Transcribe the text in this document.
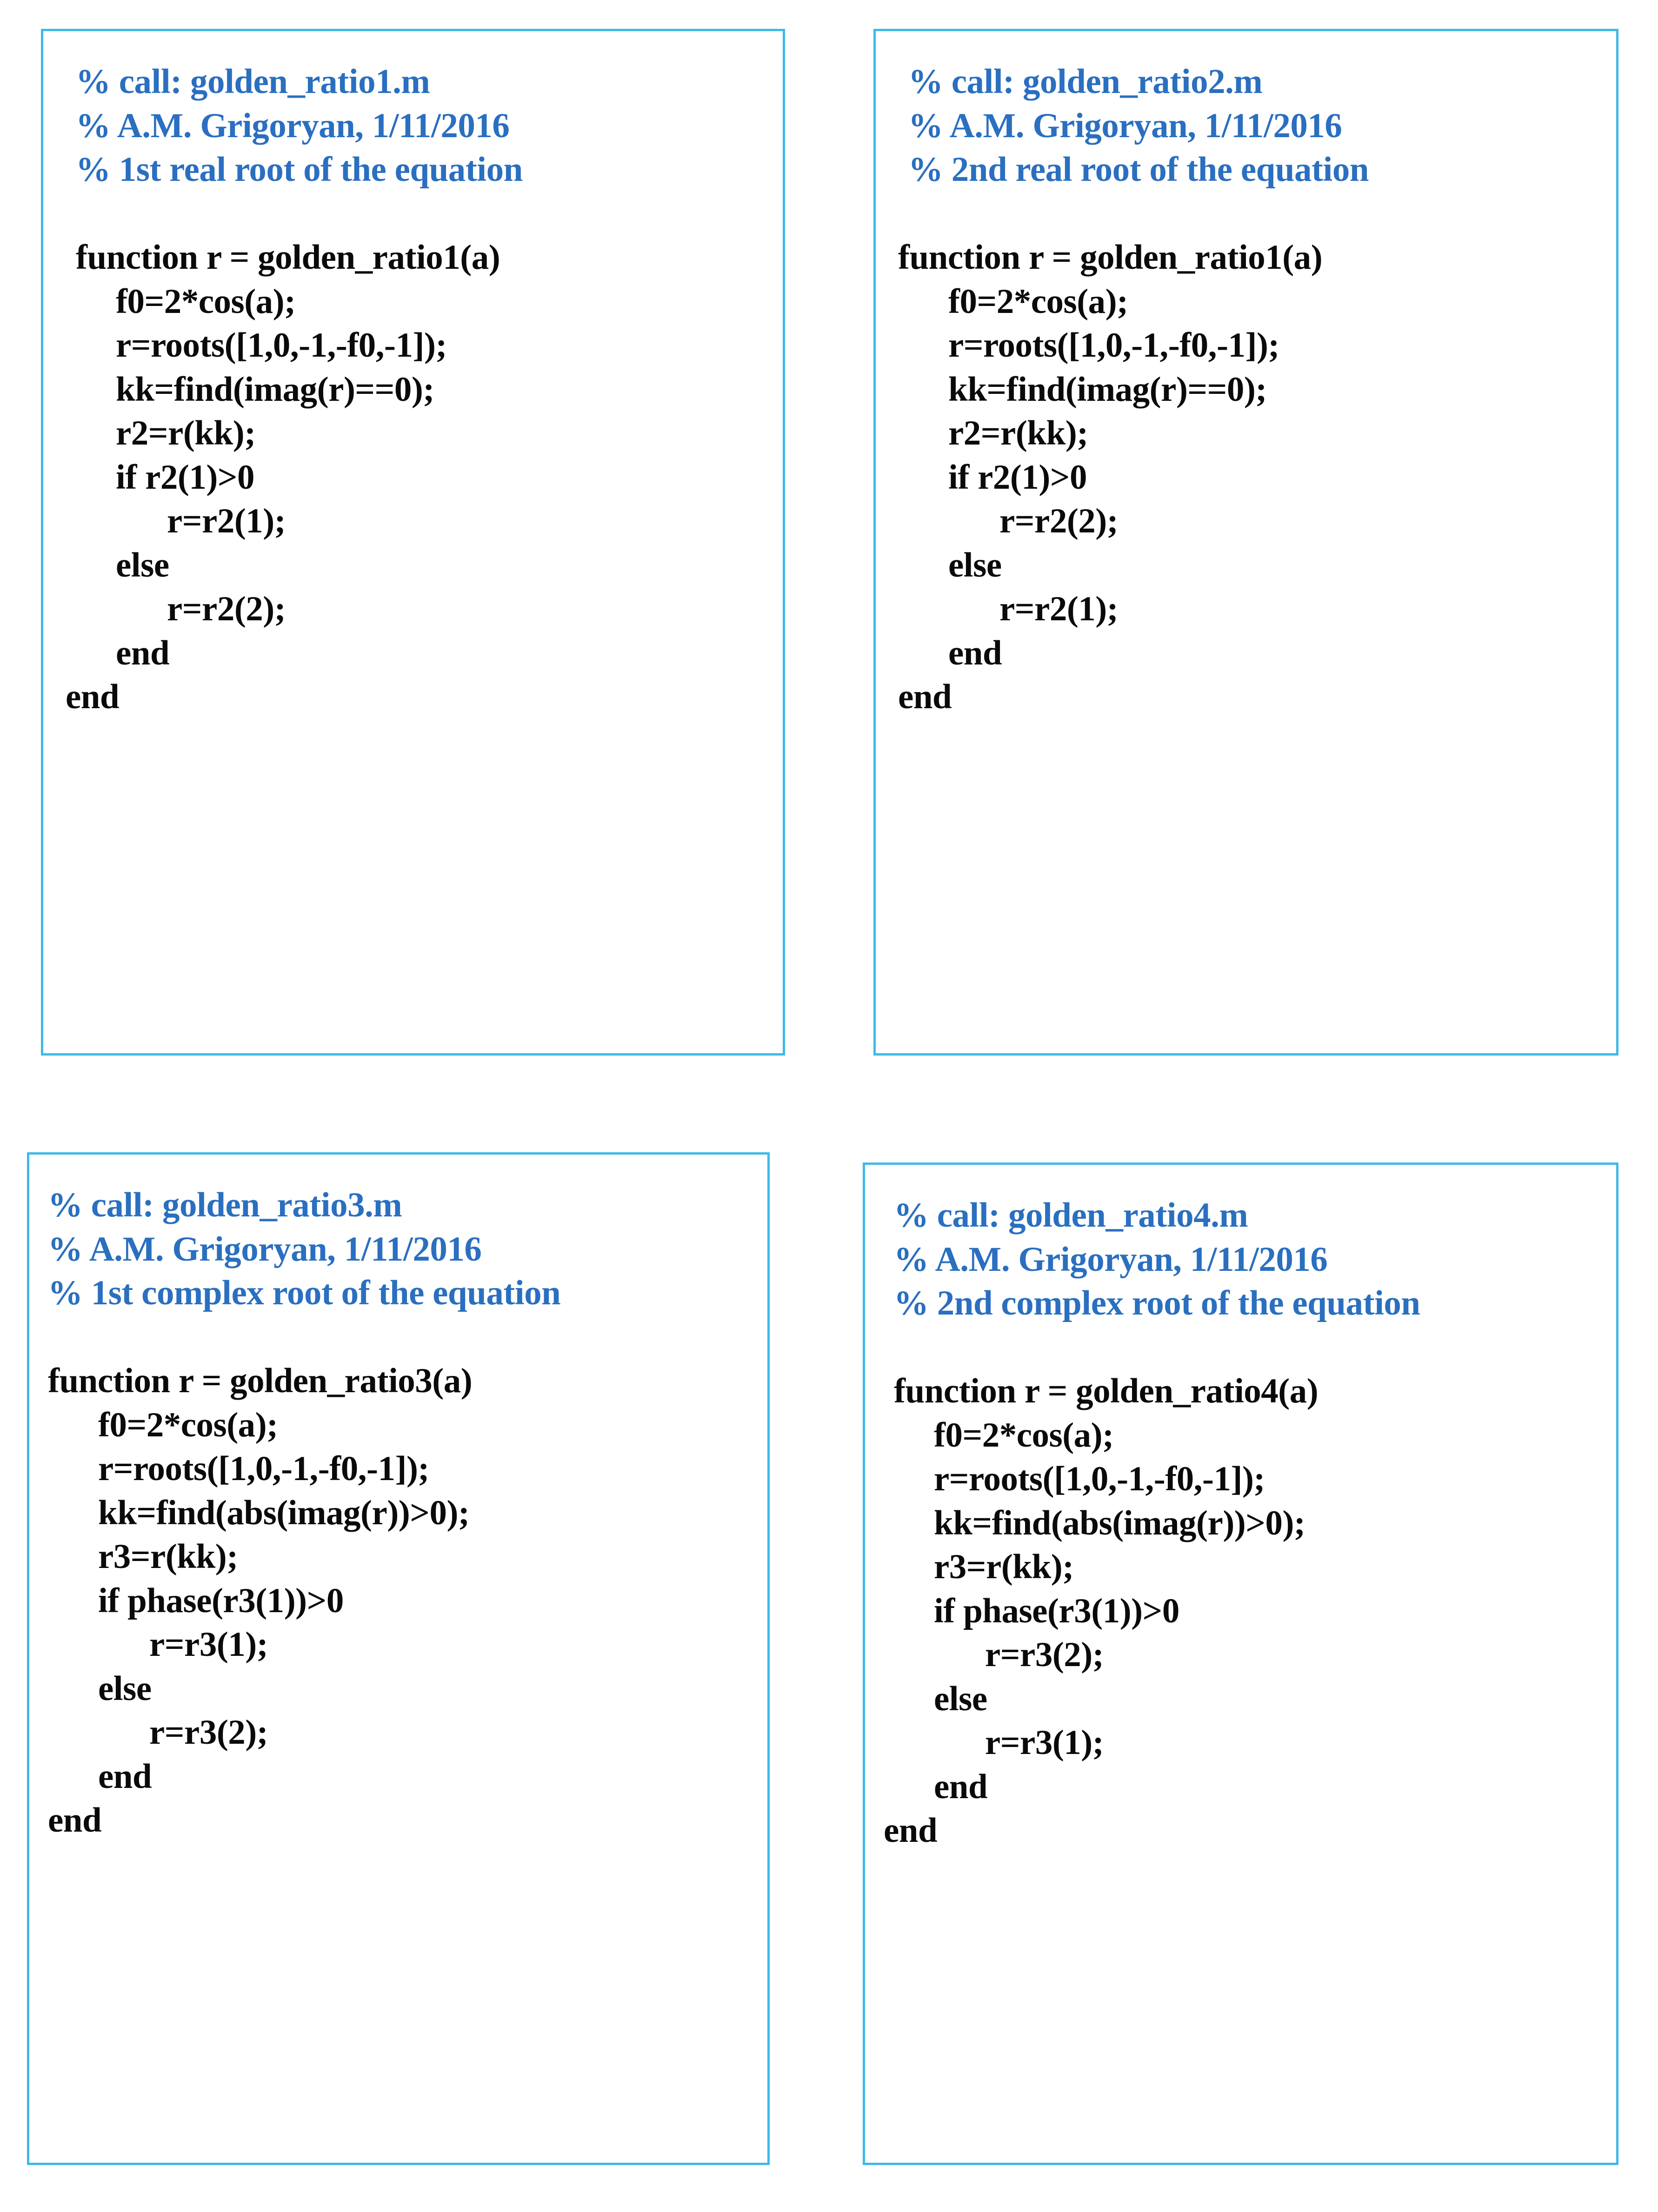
% call: golden_ratio1.m
% A.M. Grigoryan, 1/11/2016
% 1st real root of the equation

function r = golden_ratio1(a)
f0=2*cos(a);
r=roots([1,0,-1,-f0,-1]);
kk=find(imag(r)==0);
r2=r(kk);
if r2(1)>0
r=r2(1);
else
r=r2(2);
end
end
% call: golden_ratio2.m
% A.M. Grigoryan, 1/11/2016
% 2nd real root of the equation

function r = golden_ratio1(a)
f0=2*cos(a);
r=roots([1,0,-1,-f0,-1]);
kk=find(imag(r)==0);
r2=r(kk);
if r2(1)>0
r=r2(2);
else
r=r2(1);
end
end
% call: golden_ratio3.m
% A.M. Grigoryan, 1/11/2016
% 1st complex root of the equation

function r = golden_ratio3(a)
f0=2*cos(a);
r=roots([1,0,-1,-f0,-1]);
kk=find(abs(imag(r))>0);
r3=r(kk);
if phase(r3(1))>0
r=r3(1);
else
r=r3(2);
end
end
% call: golden_ratio4.m
% A.M. Grigoryan, 1/11/2016
% 2nd complex root of the equation

function r = golden_ratio4(a)
f0=2*cos(a);
r=roots([1,0,-1,-f0,-1]);
kk=find(abs(imag(r))>0);
r3=r(kk);
if phase(r3(1))>0
r=r3(2);
else
r=r3(1);
end
end
